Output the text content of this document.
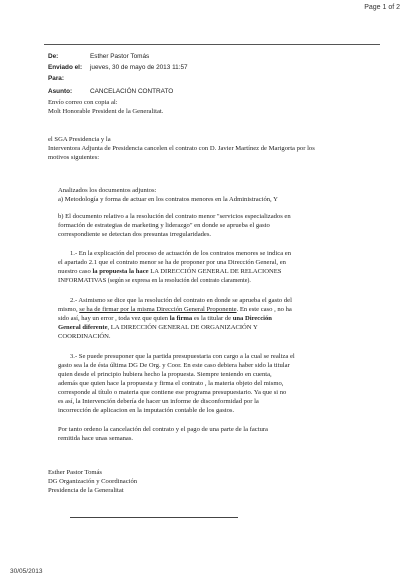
Page 1 of 2
De:	Esther Pastor Tomás
Enviado el: jueves, 30 de mayo de 2013 11:57
Para:
Asunto:	CANCELACIÓN CONTRATO
Envío correo con copia al:
Molt Honorable President de la Generalitat.
el SGA Presidencia y la
Interventora Adjunta de Presidencia cancelen el contrato con D. Javier Martínez de Marigorta por los
motivos siguientes:
Analizados los documentos adjuntos:
a) Metodología y forma de actuar en los contratos menores en la Administración, Y
b) El documento relativo a la resolución del contrato menor "servicios especializados en
formación de estrategias de marketing y liderazgo" en donde se aprueba el gasto
correspondiente se detectan dos presuntas irregularidades.
1.- En la explicación del proceso de actuación de los contratos menores se indica en
el apartado 2.1 que el contrato menor se ha de proponer por una Dirección General, en
nuestro caso la propuesta la hace LA DIRECCIÓN GENERAL DE RELACIONES
INFORMATIVAS (según se expresa en la resolución del contrato claramente).
2.- Asimismo se dice que la resolución del contrato en donde se aprueba el gasto del
mismo, se ha de firmar por la misma Dirección General Proponente. En este caso , no ha
sido así, hay un error , toda vez que quien la firma es la titular de una Dirección
General diferente, LA DIRECCIÓN GENERAL DE ORGANIZACIÓN Y
COORDINACIÓN.
3.- Se puede presuponer que la partida presupuestaria con cargo a la cual se realiza el
gasto sea la de ésta última DG De Org. y Coor. En este caso debiera haber sido la titular
quien desde el principio hubiera hecho la propuesta. Siempre teniendo en cuenta,
además que quien hace la propuesta y firma el contrato , la materia objeto del mismo,
corresponde al título o materia que contiene ese programa presupuestario. Ya que si no
es así, la Intervención debería de hacer un informe de disconformidad por la
incorrección de aplicacion en la imputación contable de los gastos.
Por tanto ordeno la cancelación del contrato y el pago de una parte de la factura
remitida hace unas semanas.
Esther Pastor Tomás
DG Organización y Coordinación
Presidencia de la Generalitat
30/05/2013
